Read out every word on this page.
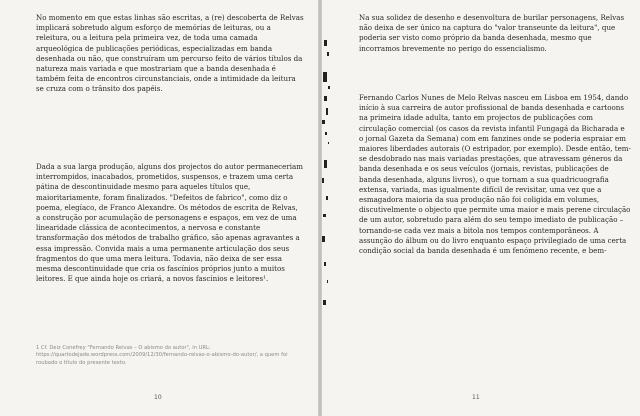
No momento em que estas linhas são escritas, a (re) descoberta de Relvas implicará sobretudo algum esforço de memórias de leituras, ou a releitura, ou a leitura pela primeira vez, de toda uma camada arqueológica de publicações periódicas, especializadas em banda desenhada ou não, que construíram um percurso feito de vários títulos da natureza mais variada e que mostrariam que a banda desenhada é também feita de encontros circunstanciais, onde a intimidade da leitura se cruza com o trânsito dos papéis.

Dada a sua larga produção, alguns dos projectos do autor permaneceriam interrompidos, inacabados, prometidos, suspensos, e trazem uma certa pátina de descontinuidade mesmo para aqueles títulos que, maioritariamente, foram finalizados. "Defeitos de fabrico", como diz o poema, elegíaco, de Franco Alexandre. Os métodos de escrita de Relvas, a construção por acumulação de personagens e espaços, em vez de uma linearidade clássica de acontecimentos, a nervosa e constante transformação dos métodos de trabalho gráfico, são apenas agravantes a essa impressão. Convida mais a uma permanente articulação dos seus fragmentos do que uma mera leitura. Todavia, não deixa de ser essa mesma descontinuidade que cria os fascínios próprios junto a muitos leitores. E que ainda hoje os criará, a novos fascínios e leitores¹.

1 Cf. Deiz Conefrey "Fernando Relvas – O abismo do autor", in URL: https://quartodejade.wordpress.com/2009/12/30/fernando-relvas-o-abismo-do-autor/, a quem foi roubado o título do presente texto.
10

Na sua solidez de desenho e desenvoltura de burilar personagens, Relvas não deixa de ser único na captura do "valor transeunte da leitura", que poderia ser visto como próprio da banda desenhada, mesmo que incorramos brevemente no perigo do essencialismo.

Fernando Carlos Nunes de Melo Relvas nasceu em Lisboa em 1954, dando início à sua carreira de autor profissional de banda desenhada e cartoons na primeira idade adulta, tanto em projectos de publicações com circulação comercial (os casos da revista infantil Fungagá da Bicharada e o jornal Gazeta da Semana) com em fanzines onde se poderia espraiar em maiores liberdades autorais (O estripador, por exemplo). Desde então, tem-se desdobrado nas mais variadas prestações, que atravessam géneros da banda desenhada e os seus veículos (jornais, revistas, publicações de banda desenhada, alguns livros), o que tornam a sua quadricuografia extensa, variada, mas igualmente difícil de revisitar, uma vez que a esmagadora maioria da sua produção não foi coligida em volumes, discutivelmente o objecto que permite uma maior e mais perene circulação de um autor, sobretudo para além do seu tempo imediato de publicação – tornando-se cada vez mais a bitola nos tempos contemporâneos. A assunção do álbum ou do livro enquanto espaço privilegiado de uma certa condição social da banda desenhada é um fenómeno recente, e bem-

11
